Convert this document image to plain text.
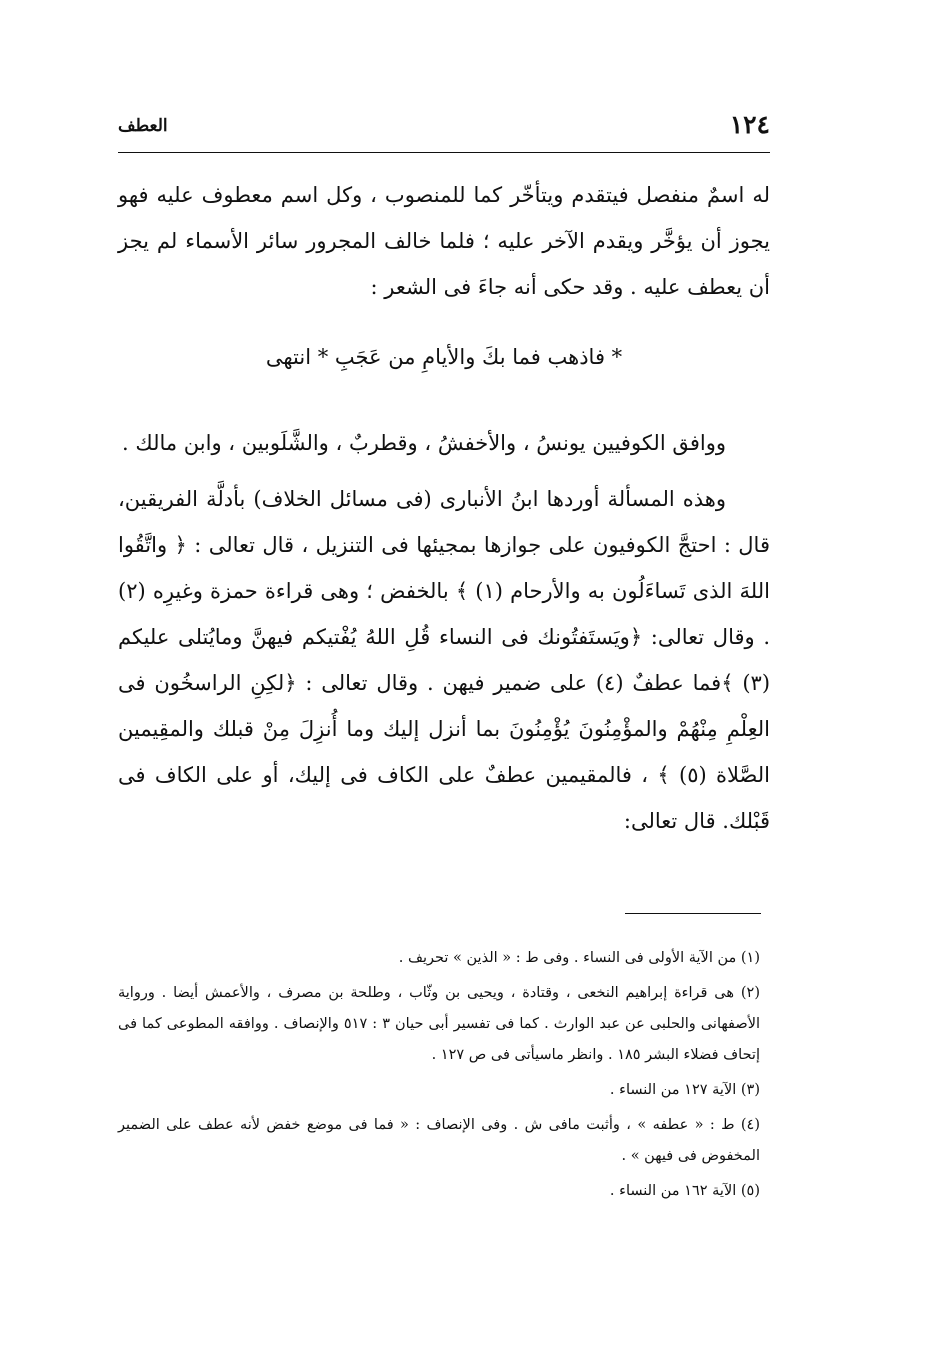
١٢٤
العطف

له اسمٌ منفصل فيتقدم ويتأخّر كما للمنصوب ، وكل اسم معطوف عليه فهو يجوز أن يؤخَّر ويقدم الآخر عليه ؛ فلما خالف المجرور سائر الأسماء لم يجز أن يعطف عليه . وقد حكى أنه جاءَ فى الشعر :

* فاذهب فما بكَ والأيامِ من عَجَبِ * انتهى

ووافق الكوفيين يونسُ ، والأخفشُ ، وقطربٌ ، والشَّلَوبين ، وابن مالك .

وهذه المسألة أوردها ابنُ الأنبارى (فى مسائل الخلاف) بأدلَّة الفريقين، قال : احتجَّ الكوفيون على جوازها بمجيئها فى التنزيل ، قال تعالى : ﴿ واتَّقُوا اللهَ الذى تَساءَلُون به والأرحام (١) ﴾ بالخفض ؛ وهى قراءة حمزة وغيرِه (٢) . وقال تعالى: ﴿ويَستَفتُونك فى النساء قُلِ اللهُ يُفْتيكم فيهنَّ ومايُتلى عليكم (٣) ﴾فما عطفٌ (٤) على ضمير فيهن . وقال تعالى : ﴿لكِنِ الراسخُون فى العِلْمِ مِنْهُمْ والمؤْمِنُونَ يُؤْمِنُونَ بما أنزل إليك وما أُنزِلَ مِنْ قبلك والمقِيمين الصَّلاة (٥) ﴾ ، فالمقيمين عطفٌ على الكاف فى إليك، أو على الكاف فى قَبْلك. قال تعالى:

(١) من الآية الأولى فى النساء . وفى ط : « الذين » تحريف .

(٢) هى قراءة إبراهيم النخعى ، وقتادة ، ويحيى بن وثّاب ، وطلحة بن مصرف ، والأعمش أيضا . ورواية الأصفهانى والحلبى عن عبد الوارث . كما فى تفسير أبى حيان ٣ : ٥١٧ والإنصاف . ووافقه المطوعى كما فى إتحاف فضلاء البشر ١٨٥ . وانظر ماسيأتى فى ص ١٢٧ .

(٣) الآية ١٢٧ من النساء .

(٤) ط : « عطفه » ، وأثبت مافى ش . وفى الإنصاف : « فما فى موضع خفض لأنه عطف على الضمير المخفوض فى فيهن » .

(٥) الآية ١٦٢ من النساء .
